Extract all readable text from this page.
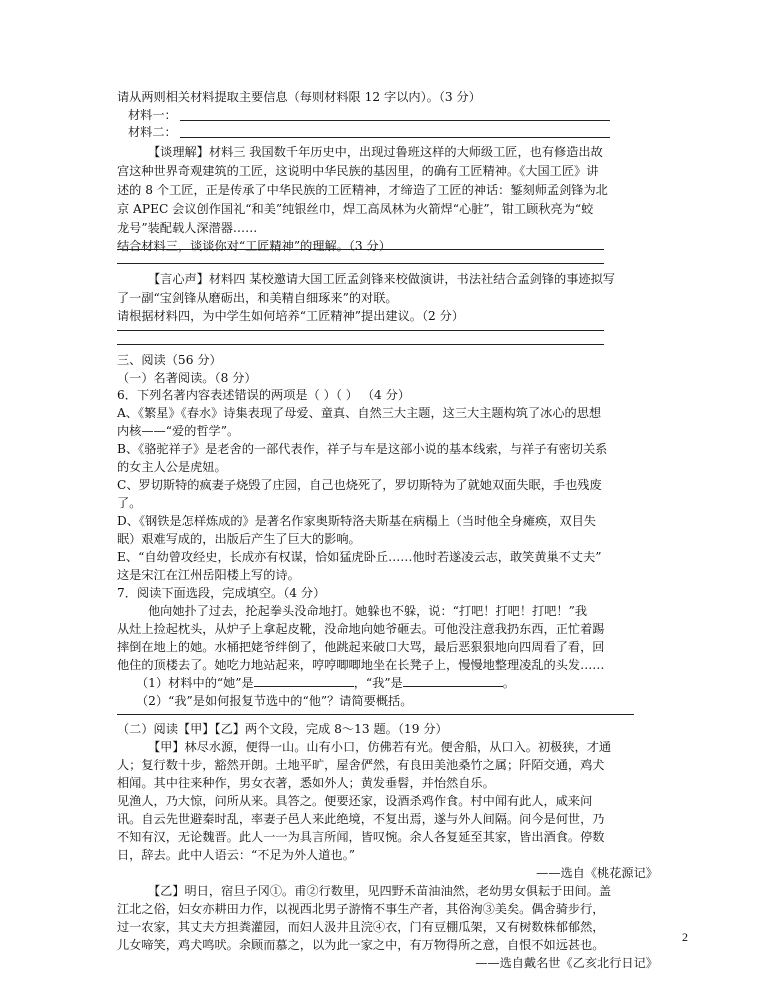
请从两则相关材料提取主要信息（每则材料限 12 字以内）。（3 分）

材料一：

材料二：

【谈理解】材料三 我国数千年历史中，出现过鲁班这样的大师级工匠，也有修造出故

宫这种世界奇观建筑的工匠，这说明中华民族的基因里，的确有工匠精神。《大国工匠》讲

述的 8 个工匠，正是传承了中华民族的工匠精神，才缔造了工匠的神话：錾刻师孟剑锋为北

京 APEC 会议创作国礼“和美”纯银丝巾，焊工高凤林为火箭焊“心脏”，钳工顾秋亮为“蛟

龙号”装配载人深潜器……

结合材料三，谈谈你对“工匠精神”的理解。（3 分）

【言心声】材料四 某校邀请大国工匠孟剑锋来校做演讲，书法社结合孟剑锋的事迹拟写

了一副“宝剑锋从磨砺出，和美精自细琢来”的对联。

请根据材料四，为中学生如何培养“工匠精神”提出建议。（2 分）

三、阅读（56 分）

（一）名著阅读。（8 分）

6．下列名著内容表述错误的两项是（ ）（ ） （4 分）

A、《繁星》《春水》诗集表现了母爱、童真、自然三大主题，这三大主题构筑了冰心的思想

内核——“爱的哲学”。

B、《骆驼祥子》是老舍的一部代表作，祥子与车是这部小说的基本线索，与祥子有密切关系

的女主人公是虎妞。

C、罗切斯特的疯妻子烧毁了庄园，自己也烧死了，罗切斯特为了就她双面失眠，手也残废

了。

D、《钢铁是怎样炼成的》是著名作家奥斯特洛夫斯基在病榻上（当时他全身瘫痪，双目失

眠）艰难写成的，出版后产生了巨大的影响。

E、“自幼曾攻经史，长成亦有权谋，恰如猛虎卧丘……他时若遂凌云志，敢笑黄巢不丈夫”

这是宋江在江州岳阳楼上写的诗。

7．阅读下面选段，完成填空。（4 分）

他向她扑了过去，抡起拳头没命地打。她躲也不躲，说：“打吧！打吧！打吧！”我

从灶上捡起枕头，从炉子上拿起皮靴，没命地向她爷砸去。可他没注意我扔东西，正忙着踢

摔倒在地上的她。水桶把姥爷绊倒了，他跳起来破口大骂，最后恶狠狠地向四周看了看，回

他住的顶楼去了。她吃力地站起来，哼哼唧唧地坐在长凳子上，慢慢地整理凌乱的头发……

（1）材料中的“她”是	，“我”是	。

（2）“我”是如何报复节选中的“他”？请简要概括。

（二）阅读【甲】【乙】两个文段，完成 8～13 题。（19 分）

【甲】林尽水源，便得一山。山有小口，仿佛若有光。便舍船，从口入。初极狭，才通

人；复行数十步，豁然开朗。土地平旷，屋舍俨然，有良田美池桑竹之属；阡陌交通，鸡犬

相闻。其中往来种作，男女衣著，悉如外人；黄发垂髫，并怡然自乐。

见渔人，乃大惊，问所从来。具答之。便要还家，设酒杀鸡作食。村中闻有此人，咸来问

讯。自云先世避秦时乱，率妻子邑人来此绝境，不复出焉，遂与外人间隔。问今是何世，乃

不知有汉，无论魏晋。此人一一为具言所闻，皆叹惋。余人各复延至其家，皆出酒食。停数

日，辞去。此中人语云：“不足为外人道也。”

——选自《桃花源记》

【乙】明日，宿旦子冈①。甫②行数里，见四野禾苗油油然，老幼男女俱耘于田间。盖

江北之俗，妇女亦耕田力作，以视西北男子游惰不事生产者，其俗洵③美矣。偶舍骑步行，

过一农家，其丈夫方担粪灌园，而妇人汲井且浣④衣，门有豆棚瓜架，又有树数株郁郁然，

儿女啼笑，鸡犬鸣吠。余顾而慕之，以为此一家之中，有万物得所之意，自恨不如远甚也。

——选自戴名世《乙亥北行日记》

2
